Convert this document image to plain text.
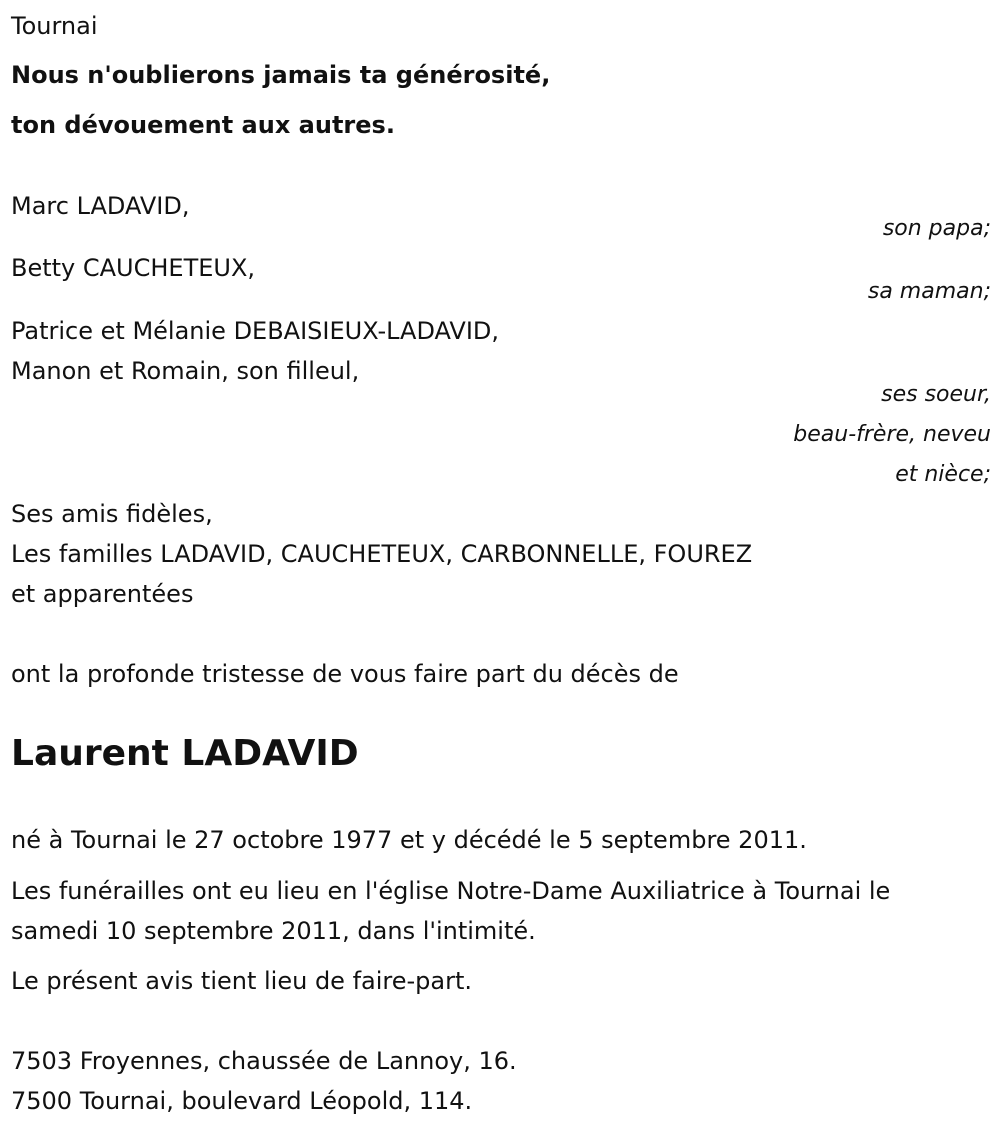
Tournai
Nous n'oublierons jamais ta générosité,
ton dévouement aux autres.
Marc LADAVID,
son papa;
Betty CAUCHETEUX,
sa maman;
Patrice et Mélanie DEBAISIEUX-LADAVID,
Manon et Romain, son filleul,
ses soeur,
beau-frère, neveu
et nièce;
Ses amis fidèles,
Les familles LADAVID, CAUCHETEUX, CARBONNELLE, FOUREZ
et apparentées
ont la profonde tristesse de vous faire part du décès de
Laurent LADAVID
né à Tournai le 27 octobre 1977 et y décédé le 5 septembre 2011.
Les funérailles ont eu lieu en l'église Notre-Dame Auxiliatrice à Tournai le
samedi 10 septembre 2011, dans l'intimité.
Le présent avis tient lieu de faire-part.
7503 Froyennes, chaussée de Lannoy, 16.
7500 Tournai, boulevard Léopold, 114.
